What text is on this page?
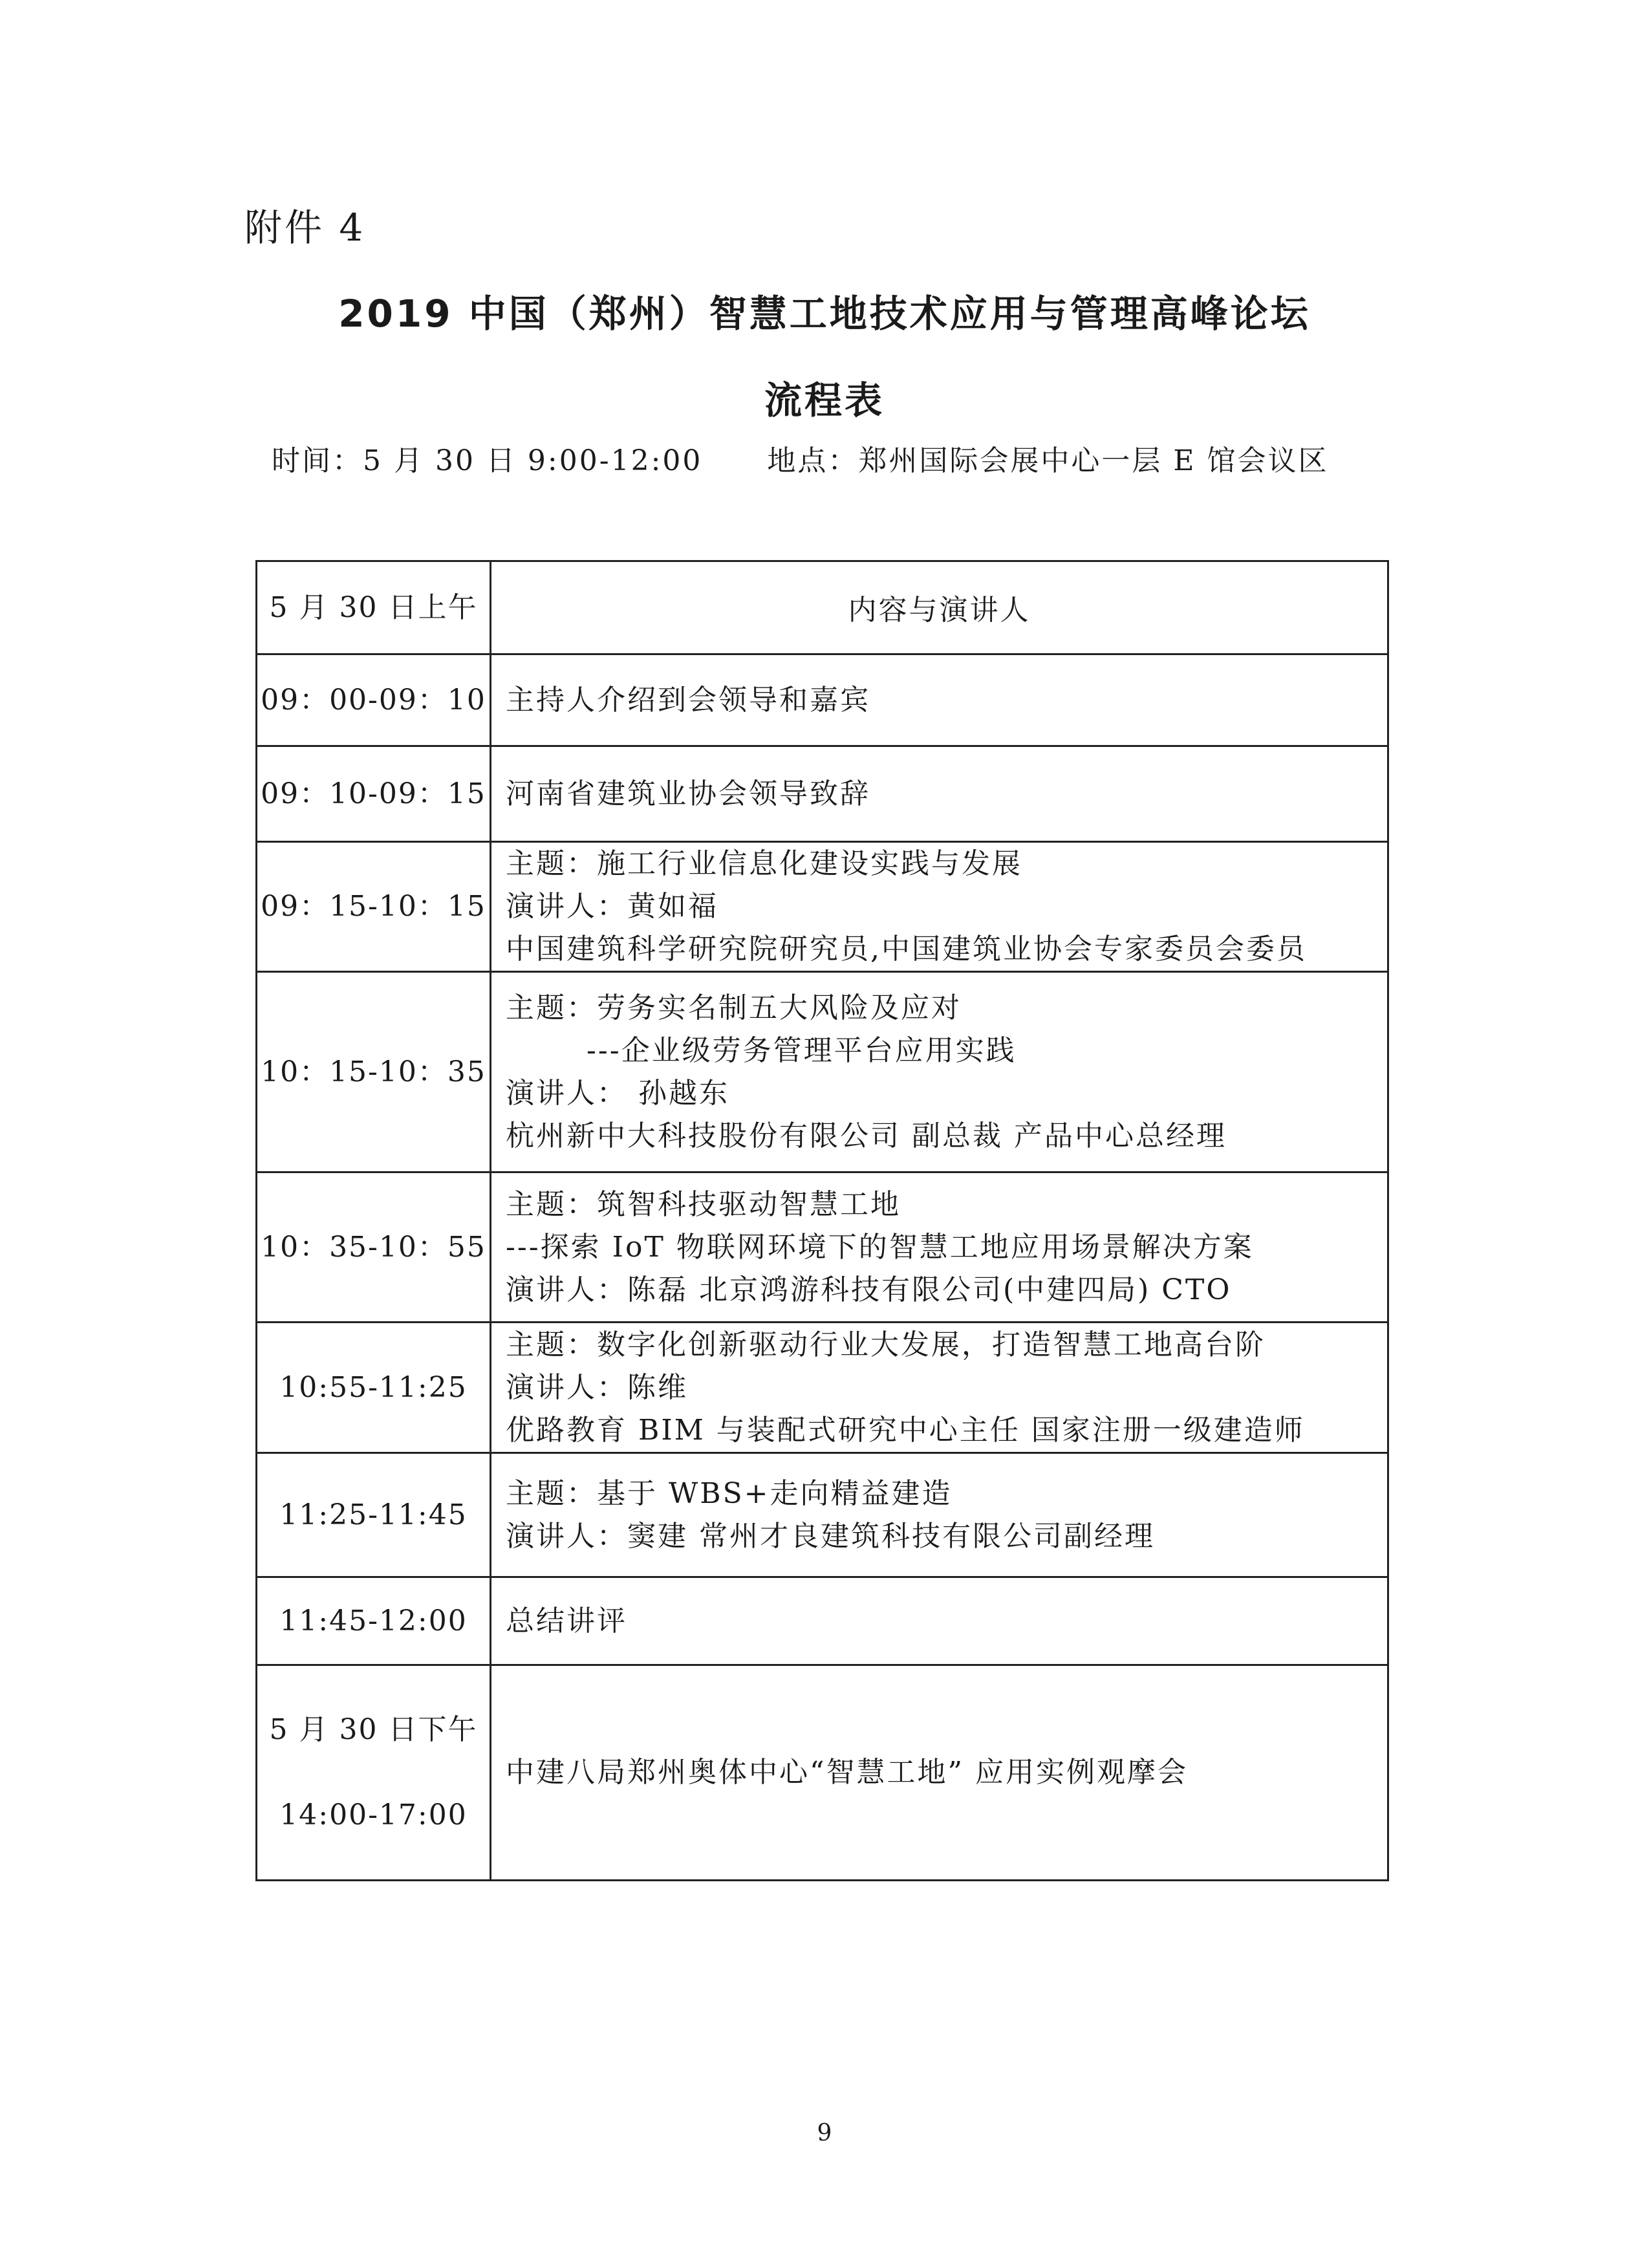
附件 4
2019 中国（郑州）智慧工地技术应用与管理高峰论坛
流程表
时间：5 月 30 日 9:00-12:00 地点：郑州国际会展中心一层 E 馆会议区
5 月 30 日上午	内容与演讲人
09：00-09：10	主持人介绍到会领导和嘉宾

09：10-09：15	河南省建筑业协会领导致辞

09：15-10：15	主题：施工行业信息化建设实践与发展
演讲人：黄如福
中国建筑科学研究院研究员,中国建筑业协会专家委员会委员

10：15-10：35	主题：劳务实名制五大风险及应对
---企业级劳务管理平台应用实践
演讲人： 孙越东
杭州新中大科技股份有限公司 副总裁 产品中心总经理

10：35-10：55	主题：筑智科技驱动智慧工地
---探索 IoT 物联网环境下的智慧工地应用场景解决方案
演讲人：陈磊 北京鸿游科技有限公司(中建四局) CTO

10:55-11:25	主题：数字化创新驱动行业大发展，打造智慧工地高台阶
演讲人：陈维
优路教育 BIM 与装配式研究中心主任 国家注册一级建造师

11:25-11:45	主题：基于 WBS+走向精益建造
演讲人：窦建 常州才良建筑科技有限公司副经理

11:45-12:00	总结讲评

5 月 30 日下午

14:00-17:00	中建八局郑州奥体中心“智慧工地” 应用实例观摩会
9
